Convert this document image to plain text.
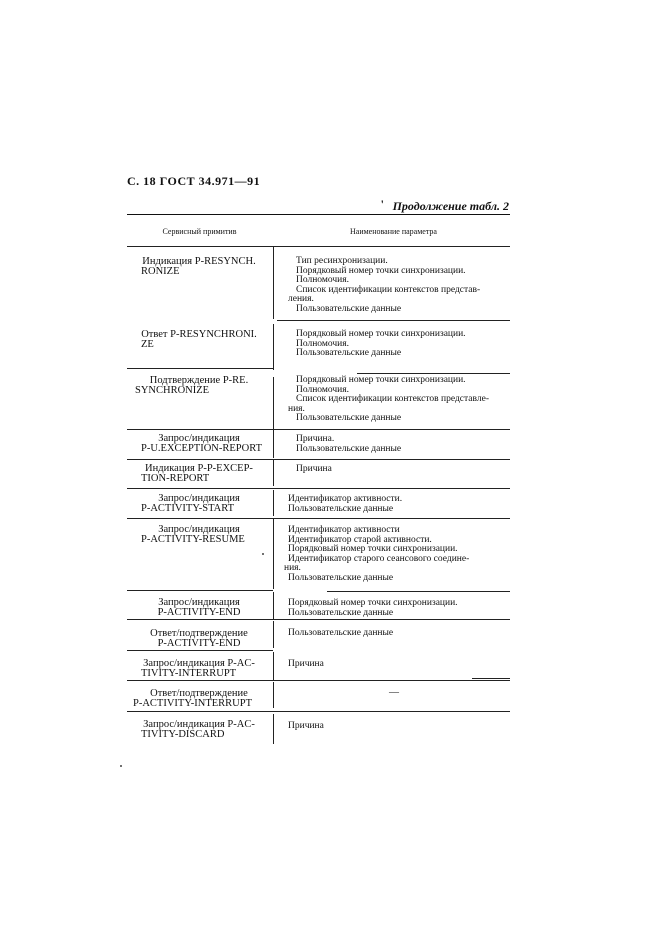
C. 18 ГОСТ 34.971—91
' Продолжение табл. 2
Сервисный примитив	Наименование параметра
Индикация P-RESYNCH.
RONIZE
Тип ресинхронизации.
Порядковый номер точки синхронизации.
Полномочия.
Список идентификации контекстов представ-
ления.
Пользовательские данные
Ответ P-RESYNCHRONI.
ZE
Порядковый номер точки синхронизации.
Полномочия.
Пользовательские данные
Подтверждение P-RE.
SYNCHRONIZE
Порядковый номер точки синхронизации.
Полномочия.
Список идентификации контекстов представле-
ния.
Пользовательские данные
Запрос/индикация
P-U.EXCEPTION-REPORT
Причина.
Пользовательские данные
Индикация P-P-EXCEP-
TION-REPORT
Причина
Запрос/индикация
P-ACTIVITY-START
Идентификатор активности.
Пользовательские данные
Запрос/индикация
P-ACTIVITY-RESUME
Идентификатор активности
Идентификатор старой активности.
Порядковый номер точки синхронизации.
Идентификатор старого сеансового соедине-
ния.
Пользовательские данные
Запрос/индикация
P-ACTIVITY-END
Порядковый номер точки синхронизации.
Пользовательские данные
Ответ/подтверждение
P-ACTIVITY-END
Пользовательские данные
Запрос/индикация P-AC-
TIVITY-INTERRUPT
Причина
Ответ/подтверждение
P-ACTIVITY-INTERRUPT
—
Запрос/индикация P-AC-
TIVITY-DISCARD
Причина
